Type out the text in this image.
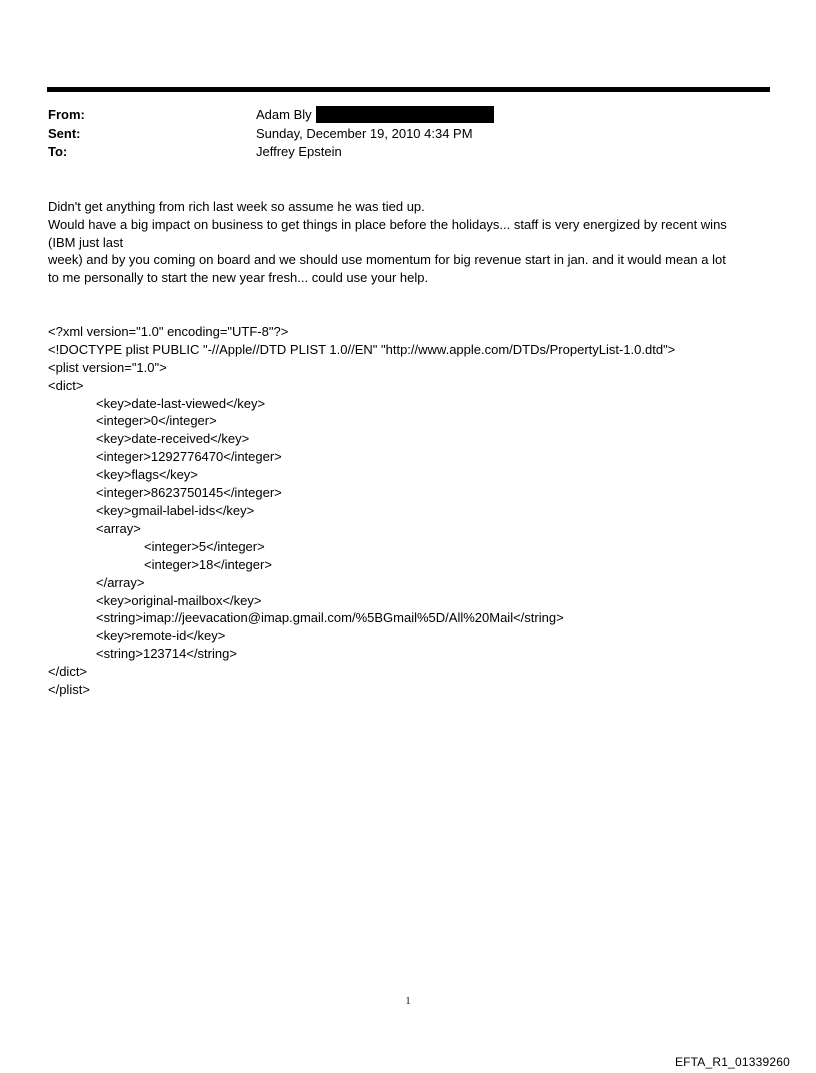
From:	Adam Bly
Sent:	Sunday, December 19, 2010 4:34 PM
To:	Jeffrey Epstein

Didn't get anything from rich last week so assume he was tied up.

Would have a big impact on business to get things in place before the holidays... staff is very energized by recent wins

(IBM just last

week) and by you coming on board and we should use momentum for big revenue start in jan. and it would mean a lot

to me personally to start the new year fresh... could use your help.

<?xml version="1.0" encoding="UTF-8"?>
<!DOCTYPE plist PUBLIC "-//Apple//DTD PLIST 1.0//EN" "http://www.apple.com/DTDs/PropertyList-1.0.dtd">
<plist version="1.0">
<dict>
<key>date-last-viewed</key>
<integer>0</integer>
<key>date-received</key>
<integer>1292776470</integer>
<key>flags</key>
<integer>8623750145</integer>
<key>gmail-label-ids</key>
<array>
<integer>5</integer>
<integer>18</integer>
</array>
<key>original-mailbox</key>
<string>imap://jeevacation@imap.gmail.com/%5BGmail%5D/All%20Mail</string>
<key>remote-id</key>
<string>123714</string>
</dict>
</plist>

1
EFTA_R1_01339260
